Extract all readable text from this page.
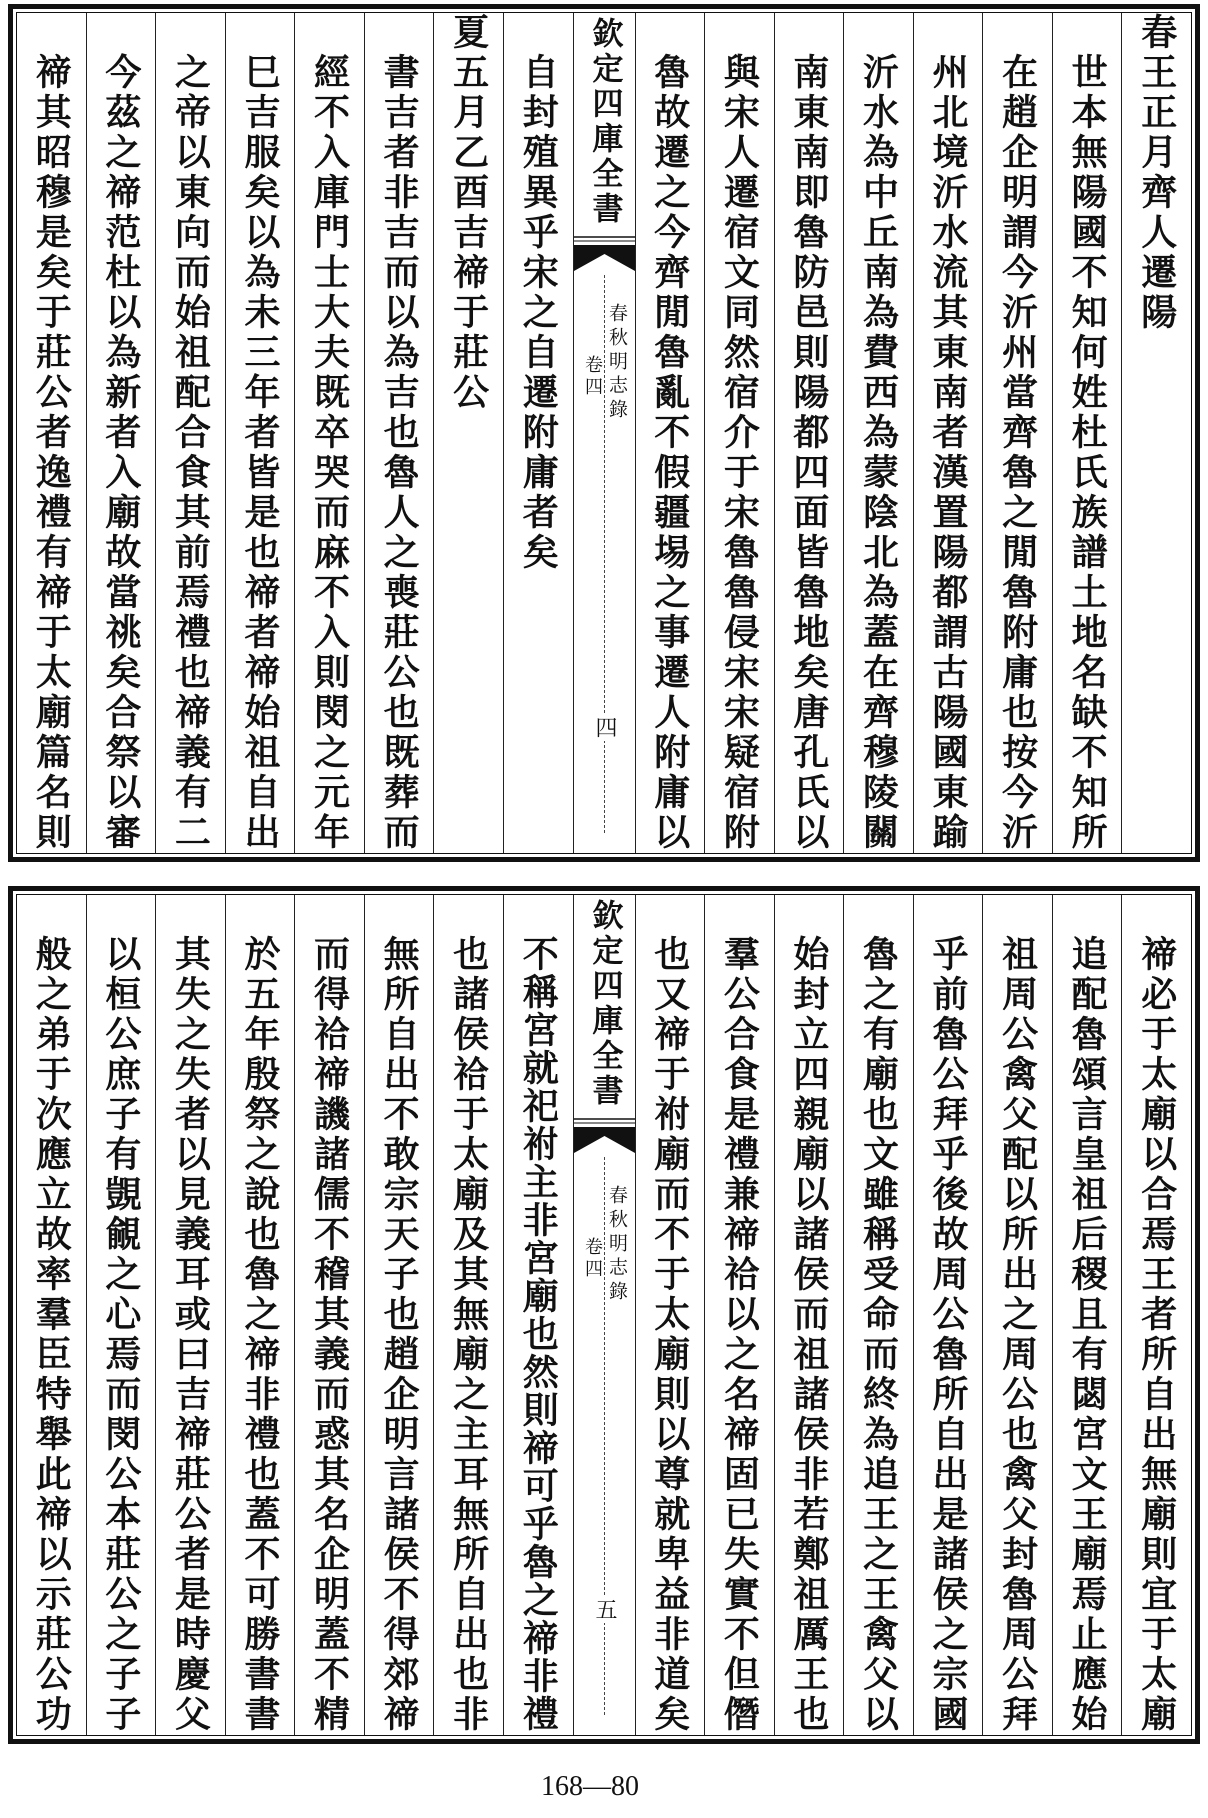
春王正月齊人遷陽
世本無陽國不知何姓杜氏族譜土地名缺不知所
在趙企明謂今沂州當齊魯之閒魯附庸也按今沂
州北境沂水流其東南者漢置陽都謂古陽國東踰
沂水為中丘南為費西為蒙陰北為蓋在齊穆陵關
南東南即魯防邑則陽都四面皆魯地矣唐孔氏以
與宋人遷宿文同然宿介于宋魯魯侵宋宋疑宿附
魯故遷之今齊閒魯亂不假疆埸之事遷人附庸以
欽定四庫全書
春秋明志錄
卷四
四
自封殖異乎宋之自遷附庸者矣
夏五月乙酉吉禘于莊公
書吉者非吉而以為吉也魯人之喪莊公也既葬而
經不入庫門士大夫既卒哭而麻不入則閔之元年
巳吉服矣以為未三年者皆是也禘者禘始祖自出
之帝以東向而始祖配合食其前焉禮也禘義有二
今茲之禘范杜以為新者入廟故當祧矣合祭以審
禘其昭穆是矣于莊公者逸禮有禘于太廟篇名則
禘必于太廟以合焉王者所自出無廟則宜于太廟
追配魯頌言皇祖后稷且有閟宮文王廟焉止應始
祖周公禽父配以所出之周公也禽父封魯周公拜
乎前魯公拜乎後故周公魯所自出是諸侯之宗國
魯之有廟也文雖稱受命而終為追王之王禽父以
始封立四親廟以諸侯而祖諸侯非若鄭祖厲王也
羣公合食是禮兼禘祫以之名禘固已失實不但僭
也又禘于祔廟而不于太廟則以尊就卑益非道矣
欽定四庫全書
春秋明志錄
卷四
五
不稱宮就祀祔主非宮廟也然則禘可乎魯之禘非禮
也諸侯祫于太廟及其無廟之主耳無所自出也非
無所自出不敢宗天子也趙企明言諸侯不得郊禘
而得祫禘譏諸儒不稽其義而惑其名企明蓋不精
於五年殷祭之說也魯之禘非禮也蓋不可勝書書
其失之失者以見義耳或曰吉禘莊公者是時慶父
以桓公庶子有覬覦之心焉而閔公本莊公之子子
般之弟于次應立故率羣臣特舉此禘以示莊公功
168—80
